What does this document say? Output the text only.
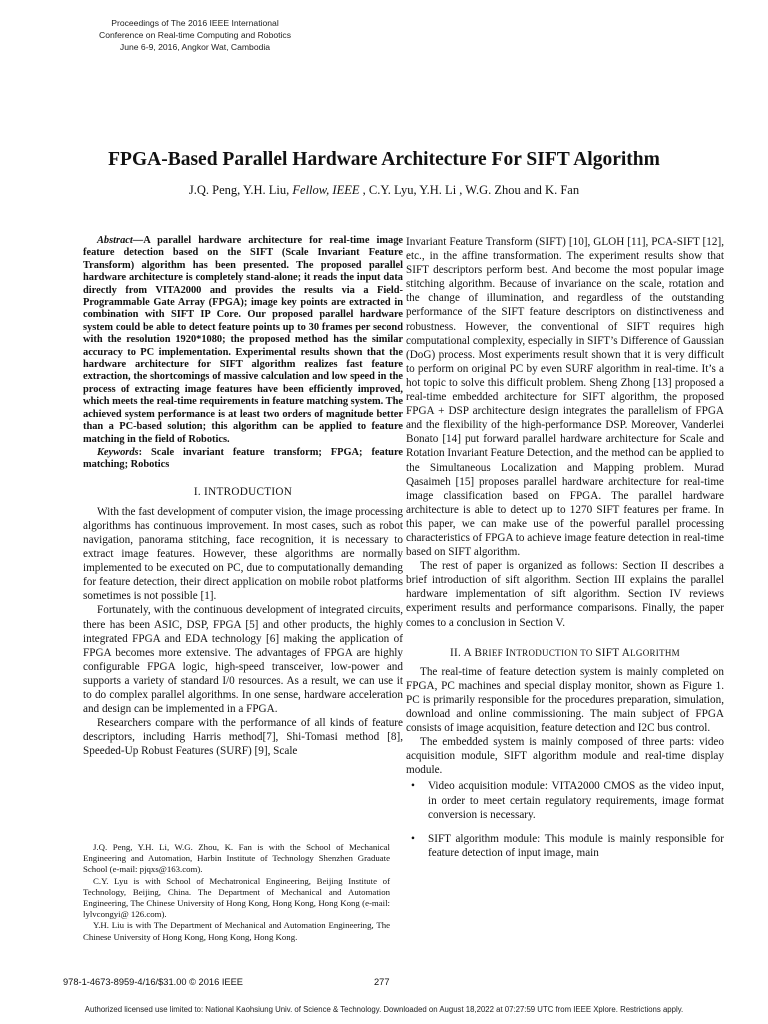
Proceedings of The 2016 IEEE International
Conference on Real-time Computing and Robotics
June 6-9, 2016, Angkor Wat, Cambodia
FPGA-Based Parallel Hardware Architecture For SIFT Algorithm
J.Q. Peng, Y.H. Liu, Fellow, IEEE , C.Y. Lyu, Y.H. Li , W.G. Zhou and K. Fan

Abstract—A parallel hardware architecture for real-time image feature detection based on the SIFT (Scale Invariant Feature Transform) algorithm has been presented. The proposed parallel hardware architecture is completely stand-alone; it reads the input data directly from VITA2000 and provides the results via a Field-Programmable Gate Array (FPGA); image key points are extracted in combination with SIFT IP Core. Our proposed parallel hardware system could be able to detect feature points up to 30 frames per second with the resolution 1920*1080; the proposed method has the similar accuracy to PC implementation. Experimental results shown that the hardware architecture for SIFT algorithm realizes fast feature extraction, the shortcomings of massive calculation and low speed in the process of extracting image features have been efficiently improved, which meets the real-time requirements in feature matching system. The achieved system performance is at least two orders of magnitude better than a PC-based solution; this algorithm can be applied to feature matching in the field of Robotics.

Keywords: Scale invariant feature transform; FPGA; feature matching; Robotics

I. INTRODUCTION

With the fast development of computer vision, the image processing algorithms has continuous improvement. In most cases, such as robot navigation, panorama stitching, face recognition, it is necessary to extract image features. However, these algorithms are normally implemented to be executed on PC, due to computationally demanding for feature detection, their direct application on mobile robot platforms sometimes is not possible [1].

Fortunately, with the continuous development of integrated circuits, there has been ASIC, DSP, FPGA [5] and other products, the highly integrated FPGA and EDA technology [6] making the application of FPGA becomes more extensive. The advantages of FPGA are highly configurable FPGA logic, high-speed transceiver, low-power and supports a variety of standard I/0 resources. As a result, we can use it to do complex parallel algorithms. In one sense, hardware acceleration and design can be implemented in a FPGA.

Researchers compare with the performance of all kinds of feature descriptors, including Harris method[7], Shi-Tomasi method [8], Speeded-Up Robust Features (SURF) [9], Scale

J.Q. Peng, Y.H. Li, W.G. Zhou, K. Fan is with the School of Mechanical Engineering and Automation, Harbin Institute of Technology Shenzhen Graduate School (e-mail: pjqxs@163.com).

C.Y. Lyu is with School of Mechatronical Engineering, Beijing Institute of Technology, Beijing, China. The Department of Mechanical and Automation Engineering, The Chinese University of Hong Kong, Hong Kong, Hong Kong (e-mail: lylvcongyi@ 126.com).

Y.H. Liu is with The Department of Mechanical and Automation Engineering, The Chinese University of Hong Kong, Hong Kong, Hong Kong.

Invariant Feature Transform (SIFT) [10], GLOH [11], PCA-SIFT [12], etc., in the affine transformation. The experiment results show that SIFT descriptors perform best. And become the most popular image stitching algorithm. Because of invariance on the scale, rotation and the change of illumination, and regardless of the outstanding performance of the SIFT feature descriptors on distinctiveness and robustness. However, the conventional of SIFT requires high computational complexity, especially in SIFT’s Difference of Gaussian (DoG) process. Most experiments result shown that it is very difficult to perform on original PC by even SURF algorithm in real-time. It’s a hot topic to solve this difficult problem. Sheng Zhong [13] proposed a real-time embedded architecture for SIFT algorithm, the proposed FPGA + DSP architecture design integrates the parallelism of FPGA and the flexibility of the high-performance DSP. Moreover, Vanderlei Bonato [14] put forward parallel hardware architecture for Scale and Rotation Invariant Feature Detection, and the method can be applied to the Simultaneous Localization and Mapping problem. Murad Qasaimeh [15] proposes parallel hardware architecture for real-time image classification based on FPGA. The parallel hardware architecture is able to detect up to 1270 SIFT features per frame. In this paper, we can make use of the powerful parallel processing characteristics of FPGA to achieve image feature detection in real-time based on SIFT algorithm.

The rest of paper is organized as follows: Section II describes a brief introduction of sift algorithm. Section III explains the parallel hardware implementation of sift algorithm. Section IV reviews experiment results and performance comparisons. Finally, the paper comes to a conclusion in Section V.

II. A BRIEF INTRODUCTION TO SIFT ALGORITHM

The real-time of feature detection system is mainly completed on FPGA, PC machines and special display monitor, shown as Figure 1. PC is primarily responsible for the procedures preparation, simulation, download and online commissioning. The main subject of FPGA consists of image acquisition, feature detection and I2C bus control.

The embedded system is mainly composed of three parts: video acquisition module, SIFT algorithm module and real-time display module.

• Video acquisition module: VITA2000 CMOS as the video input, in order to meet certain regulatory requirements, image format conversion is necessary.
• SIFT algorithm module: This module is mainly responsible for feature detection of input image, main
978-1-4673-8959-4/16/$31.00 © 2016 IEEE	277
Authorized licensed use limited to: National Kaohsiung Univ. of Science & Technology. Downloaded on August 18,2022 at 07:27:59 UTC from IEEE Xplore. Restrictions apply.
